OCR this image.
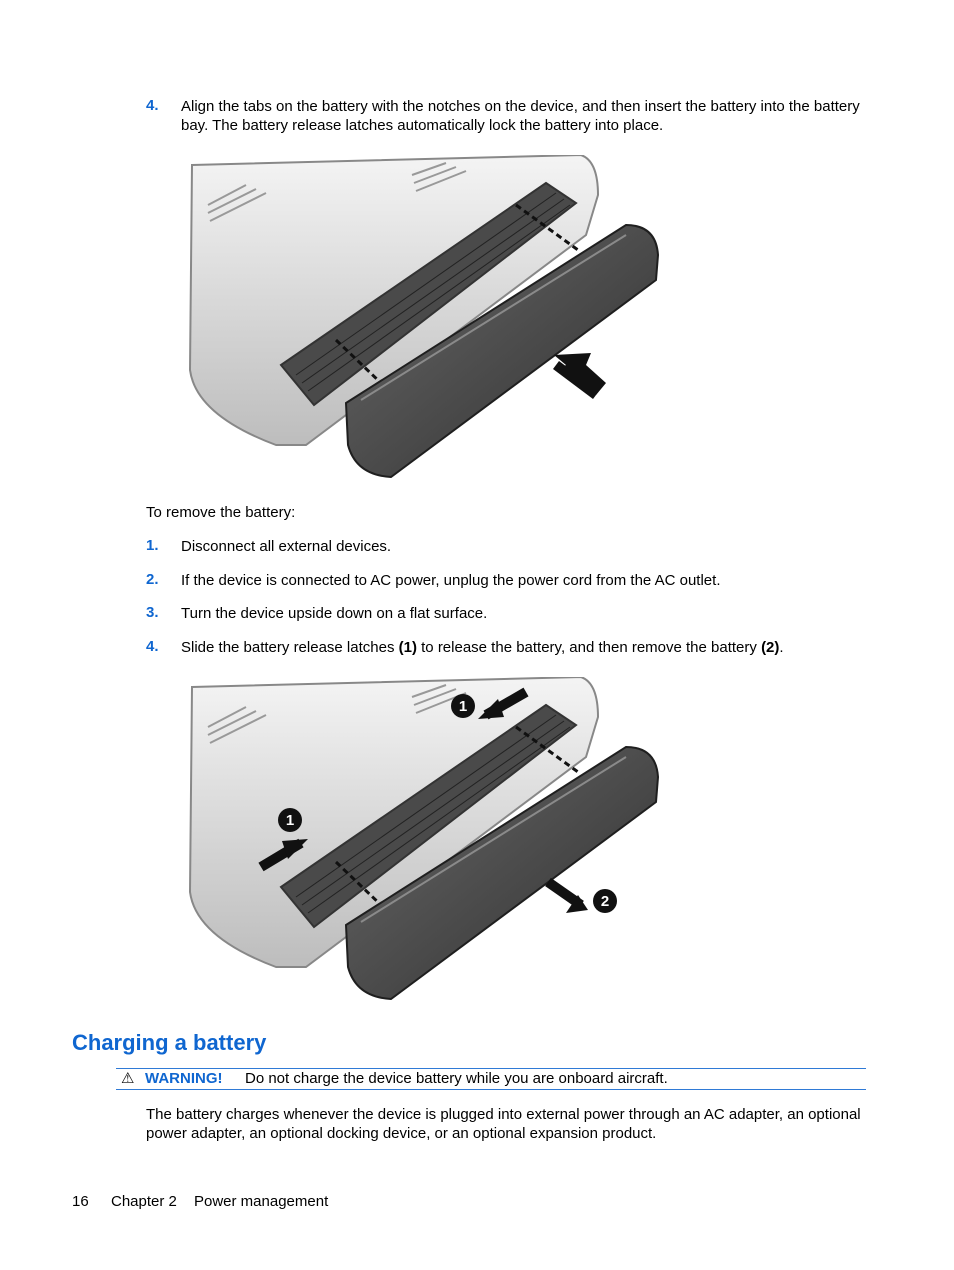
4. Align the tabs on the battery with the notches on the device, and then insert the battery into the battery bay. The battery release latches automatically lock the battery into place.
To remove the battery:
1. Disconnect all external devices.
2. If the device is connected to AC power, unplug the power cord from the AC outlet.
3. Turn the device upside down on a flat surface.
4. Slide the battery release latches (1) to release the battery, and then remove the battery (2).
1
1
2
Charging a battery
⚠ WARNING! Do not charge the device battery while you are onboard aircraft.
The battery charges whenever the device is plugged into external power through an AC adapter, an optional power adapter, an optional docking device, or an optional expansion product.
16 Chapter 2 Power management
